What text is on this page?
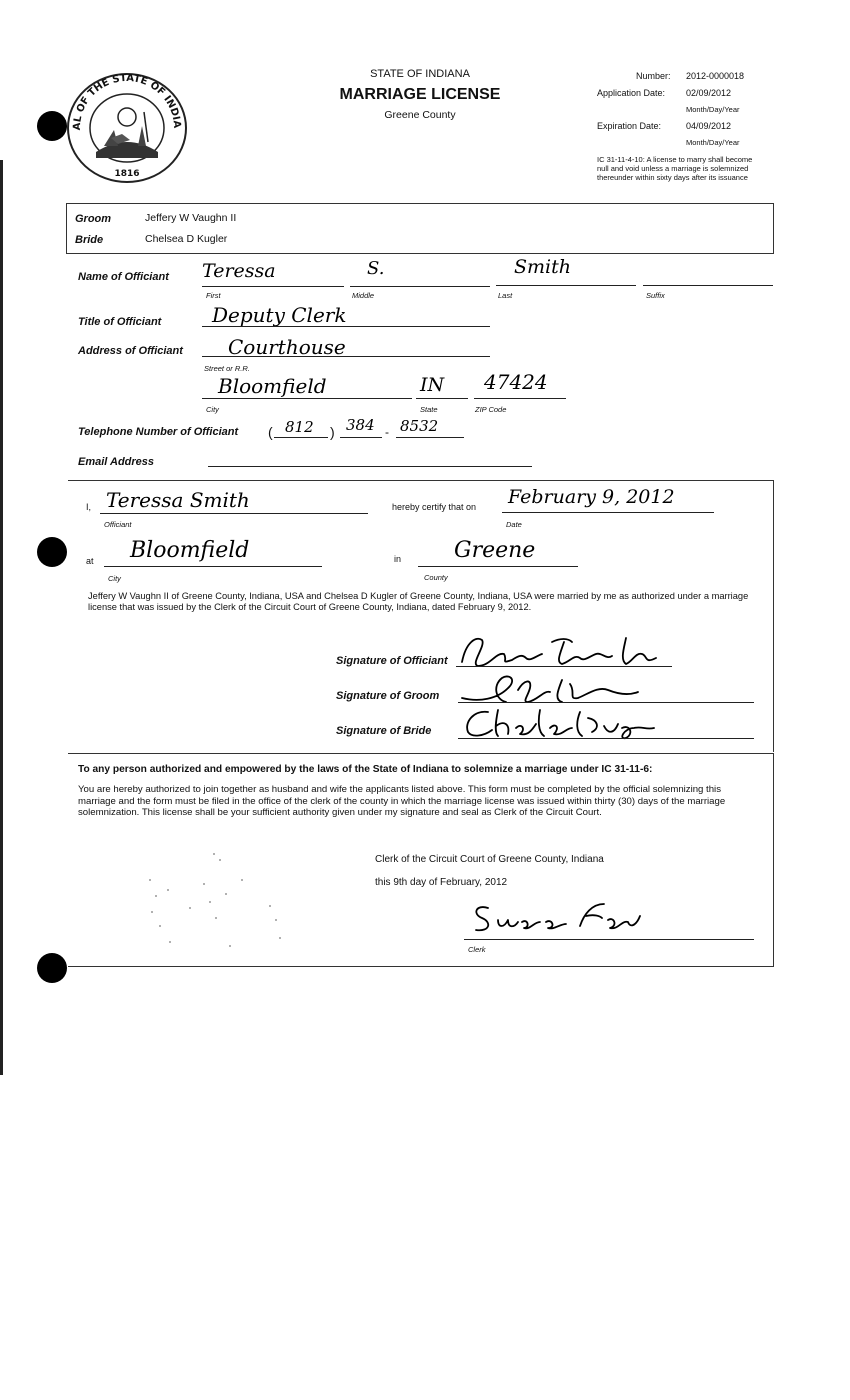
AL OF THE STATE OF INDIA
1816
STATE OF INDIANA
MARRIAGE LICENSE
Greene County
Number: 2012-0000018
Application Date: 02/09/2012
Month/Day/Year
Expiration Date:	04/09/2012
Month/Day/Year
IC 31-11-4-10: A license to marry shall become null and void unless a marriage is solemnized thereunder within sixty days after its issuance
Groom	Jeffery W Vaughn II
Bride	Chelsea D Kugler
Name of Officiant Teressa	S.	Smith
First	Middle	Last	Suffix
Title of Officiant	Deputy Clerk
Address of Officiant Courthouse
Street or R.R.
Bloomfield	IN 47424
City	State	ZIP Code
Telephone Number of Officiant ( 812 ) 384 - 8532
Email Address
I, Teressa Smith
Officiant
hereby certify that on February 9, 2012
Date
at Bloomfield
City
in Greene
County
Jeffery W Vaughn II of Greene County, Indiana, USA and Chelsea D Kugler of Greene County, Indiana, USA were married by me as authorized under a marriage license that was issued by the Clerk of the Circuit Court of Greene County, Indiana, dated February 9, 2012.
Signature of Officiant
Signature of Groom
Signature of Bride
To any person authorized and empowered by the laws of the State of Indiana to solemnize a marriage under IC 31-11-6:
You are hereby authorized to join together as husband and wife the applicants listed above. This form must be completed by the official solemnizing this marriage and the form must be filed in the office of the clerk of the county in which the marriage license was issued within thirty (30) days of the marriage solemnization. This license shall be your sufficient authority given under my signature and seal as Clerk of the Circuit Court.
Clerk of the Circuit Court of Greene County, Indiana
this 9th day of February, 2012
Clerk
